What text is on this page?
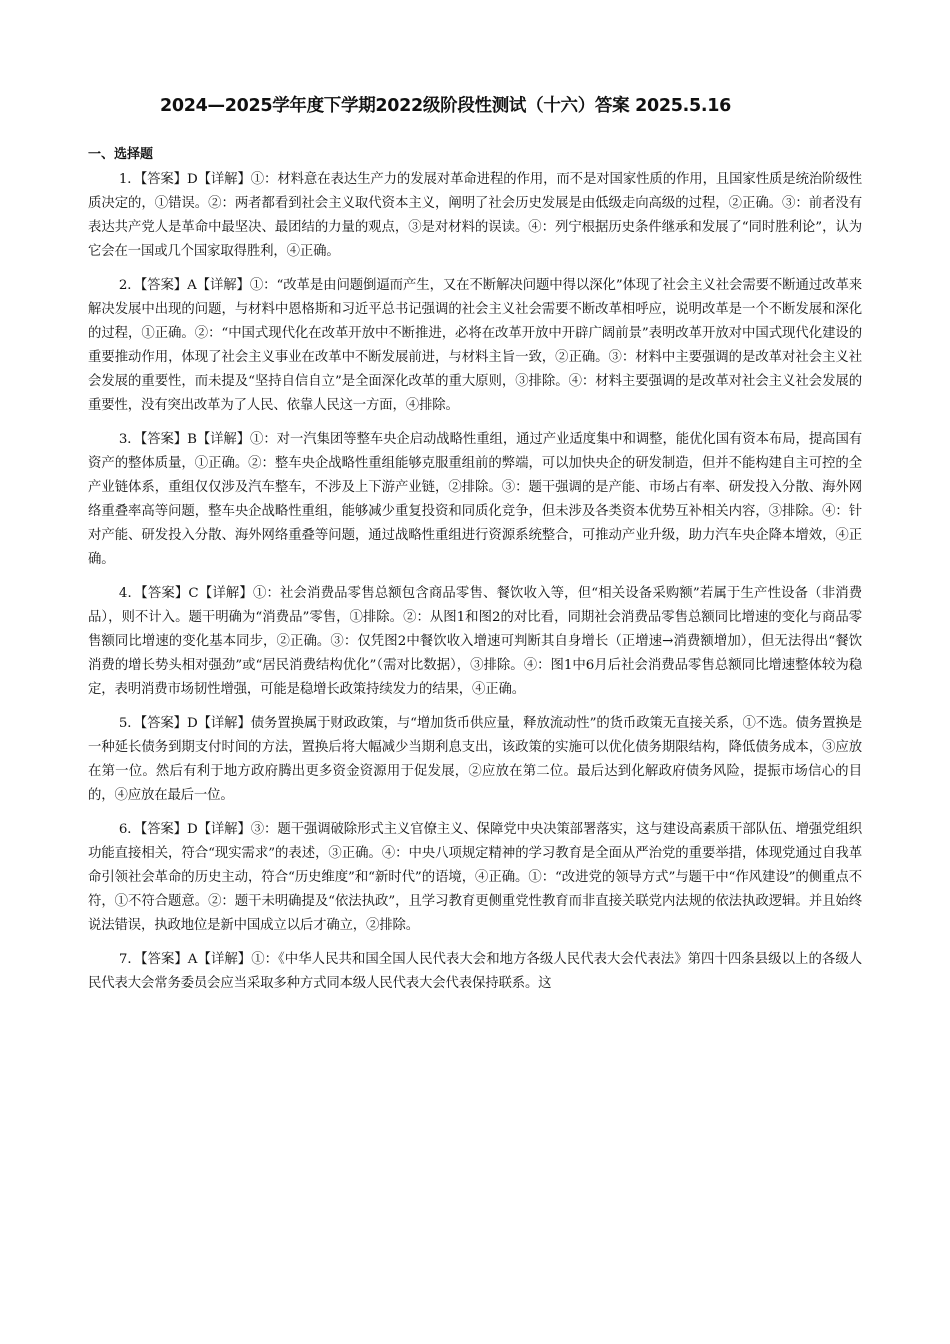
2024—2025学年度下学期2022级阶段性测试（十六）答案 2025.5.16
一、选择题

1．【答案】D【详解】①：材料意在表达生产力的发展对革命进程的作用，而不是对国家性质的作用，且国家性质是统治阶级性质决定的，①错误。②：两者都看到社会主义取代资本主义，阐明了社会历史发展是由低级走向高级的过程，②正确。③：前者没有表达共产党人是革命中最坚决、最团结的力量的观点，③是对材料的误读。④：列宁根据历史条件继承和发展了“同时胜利论”，认为它会在一国或几个国家取得胜利，④正确。

2．【答案】A【详解】①：“改革是由问题倒逼而产生，又在不断解决问题中得以深化”体现了社会主义社会需要不断通过改革来解决发展中出现的问题，与材料中恩格斯和习近平总书记强调的社会主义社会需要不断改革相呼应，说明改革是一个不断发展和深化的过程，①正确。②：“中国式现代化在改革开放中不断推进，必将在改革开放中开辟广阔前景”表明改革开放对中国式现代化建设的重要推动作用，体现了社会主义事业在改革中不断发展前进，与材料主旨一致，②正确。③：材料中主要强调的是改革对社会主义社会发展的重要性，而未提及“坚持自信自立”是全面深化改革的重大原则，③排除。④：材料主要强调的是改革对社会主义社会发展的重要性，没有突出改革为了人民、依靠人民这一方面，④排除。

3．【答案】B【详解】①：对一汽集团等整车央企启动战略性重组，通过产业适度集中和调整，能优化国有资本布局，提高国有资产的整体质量，①正确。②：整车央企战略性重组能够克服重组前的弊端，可以加快央企的研发制造，但并不能构建自主可控的全产业链体系，重组仅仅涉及汽车整车，不涉及上下游产业链，②排除。③：题干强调的是产能、市场占有率、研发投入分散、海外网络重叠率高等问题，整车央企战略性重组，能够减少重复投资和同质化竞争，但未涉及各类资本优势互补相关内容，③排除。④：针对产能、研发投入分散、海外网络重叠等问题，通过战略性重组进行资源系统整合，可推动产业升级，助力汽车央企降本增效，④正确。

4．【答案】C【详解】①：社会消费品零售总额包含商品零售、餐饮收入等，但“相关设备采购额”若属于生产性设备（非消费品），则不计入。题干明确为“消费品”零售，①排除。②：从图1和图2的对比看，同期社会消费品零售总额同比增速的变化与商品零售额同比增速的变化基本同步，②正确。③：仅凭图2中餐饮收入增速可判断其自身增长（正增速→消费额增加），但无法得出“餐饮消费的增长势头相对强劲”或“居民消费结构优化”（需对比数据），③排除。④：图1中6月后社会消费品零售总额同比增速整体较为稳定，表明消费市场韧性增强，可能是稳增长政策持续发力的结果，④正确。

5．【答案】D【详解】债务置换属于财政政策，与“增加货币供应量，释放流动性”的货币政策无直接关系，①不选。债务置换是一种延长债务到期支付时间的方法，置换后将大幅减少当期利息支出，该政策的实施可以优化债务期限结构，降低债务成本，③应放在第一位。然后有利于地方政府腾出更多资金资源用于促发展，②应放在第二位。最后达到化解政府债务风险，提振市场信心的目的，④应放在最后一位。

6．【答案】D【详解】③：题干强调破除形式主义官僚主义、保障党中央决策部署落实，这与建设高素质干部队伍、增强党组织功能直接相关，符合“现实需求”的表述，③正确。④：中央八项规定精神的学习教育是全面从严治党的重要举措，体现党通过自我革命引领社会革命的历史主动，符合“历史维度”和“新时代”的语境，④正确。①：“改进党的领导方式”与题干中“作风建设”的侧重点不符，①不符合题意。②：题干未明确提及“依法执政”，且学习教育更侧重党性教育而非直接关联党内法规的依法执政逻辑。并且始终说法错误，执政地位是新中国成立以后才确立，②排除。

7．【答案】A【详解】①：《中华人民共和国全国人民代表大会和地方各级人民代表大会代表法》第四十四条县级以上的各级人民代表大会常务委员会应当采取多种方式同本级人民代表大会代表保持联系。这
